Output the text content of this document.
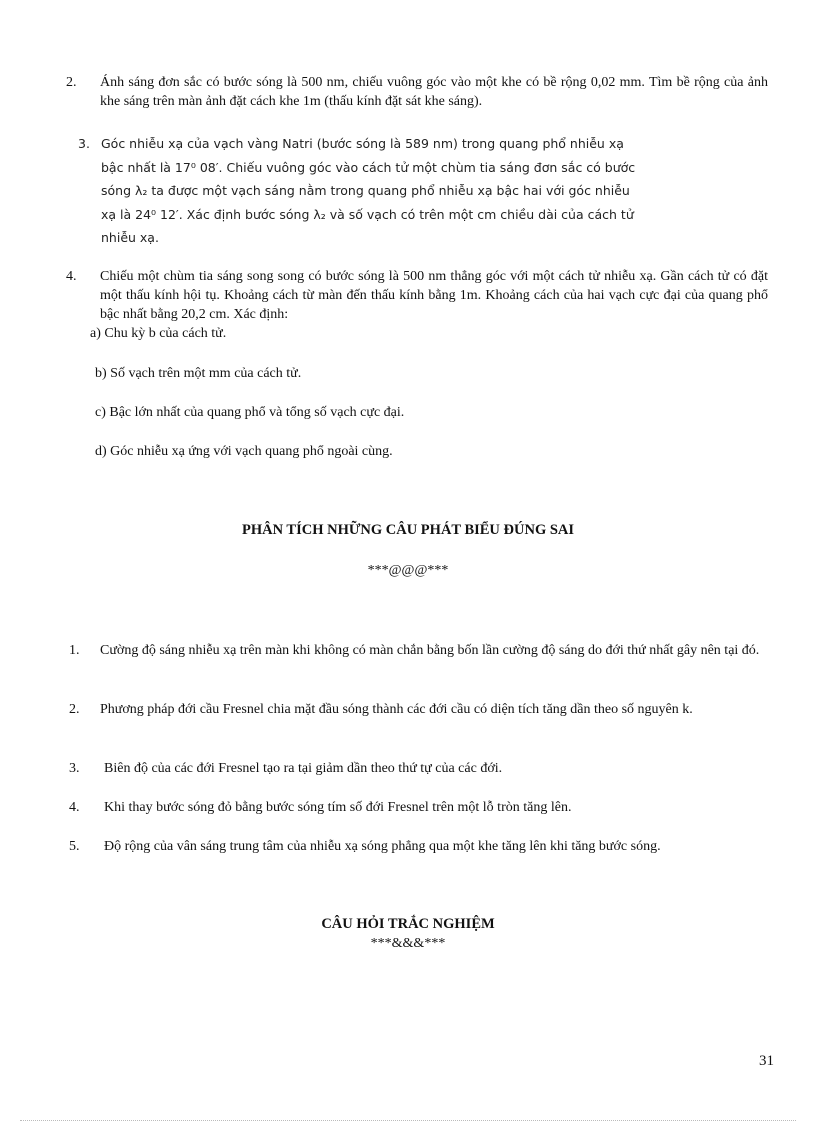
2. Ánh sáng đơn sắc có bước sóng là 500 nm, chiếu vuông góc vào một khe có bề rộng 0,02 mm. Tìm bề rộng của ảnh khe sáng trên màn ảnh đặt cách khe 1m (thấu kính đặt sát khe sáng).
3. Góc nhiễu xạ của vạch vàng Natri (bước sóng là 589 nm) trong quang phổ nhiễu xạ bậc nhất là 17⁰ 08′. Chiếu vuông góc vào cách tử một chùm tia sáng đơn sắc có bước sóng λ₂ ta được một vạch sáng nằm trong quang phổ nhiễu xạ bậc hai với góc nhiễu xạ là 24⁰ 12′. Xác định bước sóng λ₂ và số vạch có trên một cm chiều dài của cách tử nhiễu xạ.
4. Chiếu một chùm tia sáng song song có bước sóng là 500 nm thẳng góc với một cách tử nhiễu xạ. Gần cách tử có đặt một thấu kính hội tụ. Khoảng cách từ màn đến thấu kính bằng 1m. Khoảng cách của hai vạch cực đại của quang phổ bậc nhất bằng 20,2 cm. Xác định:
a) Chu kỳ b của cách tử.
b) Số vạch trên một mm của cách tử.
c) Bậc lớn nhất của quang phổ và tổng số vạch cực đại.
d) Góc nhiễu xạ ứng với vạch quang phổ ngoài cùng.
PHÂN TÍCH NHỮNG CÂU PHÁT BIỂU ĐÚNG SAI
***@@@***
1. Cường độ sáng nhiễu xạ trên màn khi không có màn chắn bằng bốn lần cường độ sáng do đới thứ nhất gây nên tại đó.
2. Phương pháp đới cầu Fresnel chia mặt đầu sóng thành các đới cầu có diện tích tăng dần theo số nguyên k.
3. Biên độ của các đới Fresnel tạo ra tại giảm dần theo thứ tự của các đới.
4. Khi thay bước sóng đỏ bằng bước sóng tím số đới Fresnel trên một lỗ tròn tăng lên.
5. Độ rộng của vân sáng trung tâm của nhiễu xạ sóng phẳng qua một khe tăng lên khi tăng bước sóng.
CÂU HỎI TRẮC NGHIỆM
***&&&***
31
